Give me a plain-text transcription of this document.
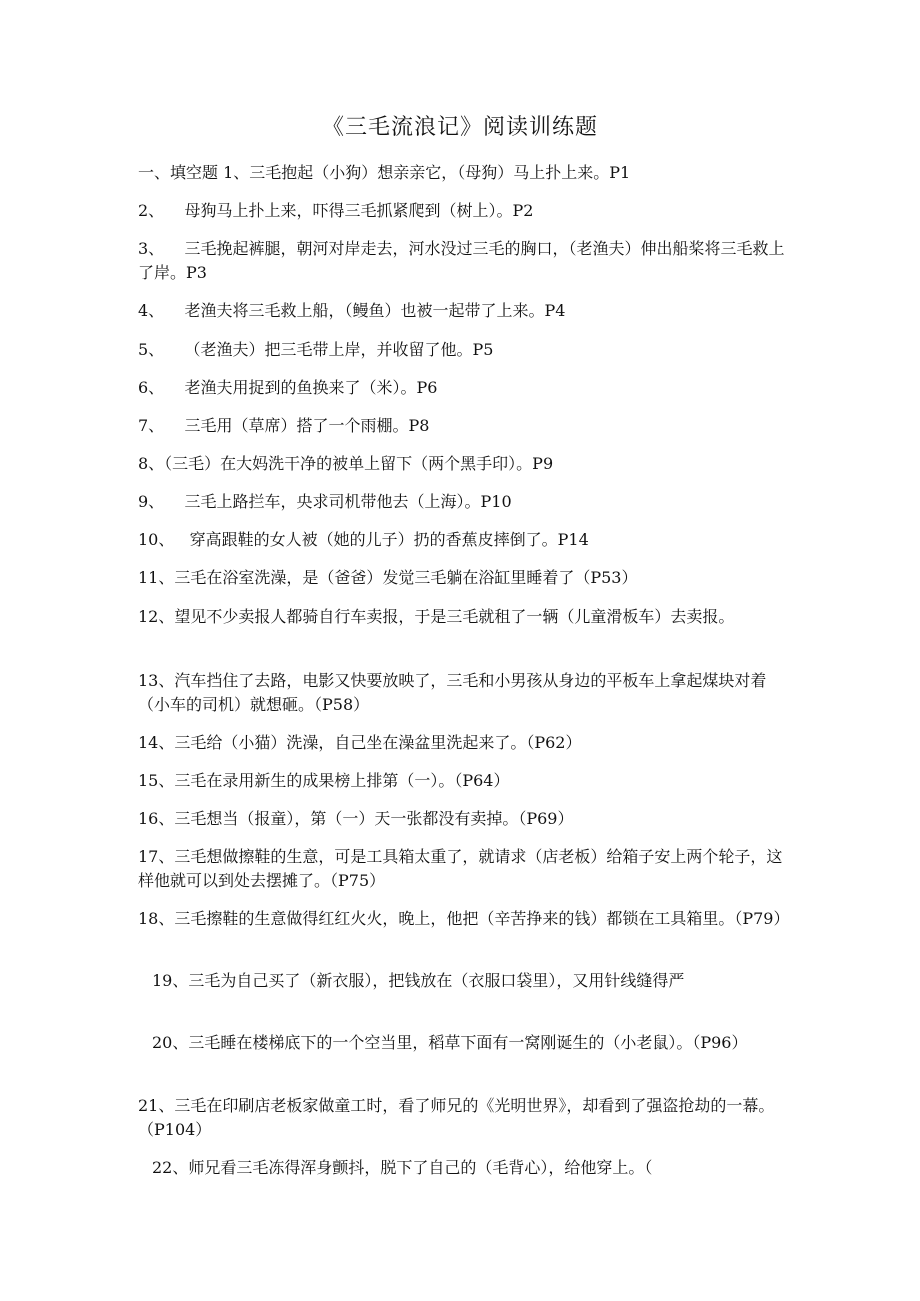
《三毛流浪记》阅读训练题
一、填空题 1、三毛抱起（小狗）想亲亲它，（母狗）马上扑上来。P1
2、    母狗马上扑上来，吓得三毛抓紧爬到（树上）。P2
3、    三毛挽起裤腿，朝河对岸走去，河水没过三毛的胸口，（老渔夫）伸出船桨将三毛救上了岸。P3
4、    老渔夫将三毛救上船，（鳗鱼）也被一起带了上来。P4
5、    （老渔夫）把三毛带上岸，并收留了他。P5
6、    老渔夫用捉到的鱼换来了（米）。P6
7、    三毛用（草席）搭了一个雨棚。P8
8、（三毛）在大妈洗干净的被单上留下（两个黑手印）。P9
9、    三毛上路拦车，央求司机带他去（上海）。P10
10、   穿高跟鞋的女人被（她的儿子）扔的香蕉皮摔倒了。P14
11、三毛在浴室洗澡，是（爸爸）发觉三毛躺在浴缸里睡着了（P53）
12、望见不少卖报人都骑自行车卖报，于是三毛就租了一辆（儿童滑板车）去卖报。
13、汽车挡住了去路，电影又快要放映了，三毛和小男孩从身边的平板车上拿起煤块对着（小车的司机）就想砸。（P58）
14、三毛给（小猫）洗澡，自己坐在澡盆里洗起来了。（P62）
15、三毛在录用新生的成果榜上排第（一）。（P64）
16、三毛想当（报童），第（一）天一张都没有卖掉。（P69）
17、三毛想做擦鞋的生意，可是工具箱太重了，就请求（店老板）给箱子安上两个轮子，这样他就可以到处去摆摊了。（P75）
18、三毛擦鞋的生意做得红红火火，晚上，他把（辛苦挣来的钱）都锁在工具箱里。（P79）
19、三毛为自己买了（新衣服），把钱放在（衣服口袋里），又用针线缝得严
20、三毛睡在楼梯底下的一个空当里，稻草下面有一窝刚诞生的（小老鼠）。（P96）
21、三毛在印刷店老板家做童工时，看了师兄的《光明世界》，却看到了强盗抢劫的一幕。（P104）
22、师兄看三毛冻得浑身颤抖，脱下了自己的（毛背心），给他穿上。（
